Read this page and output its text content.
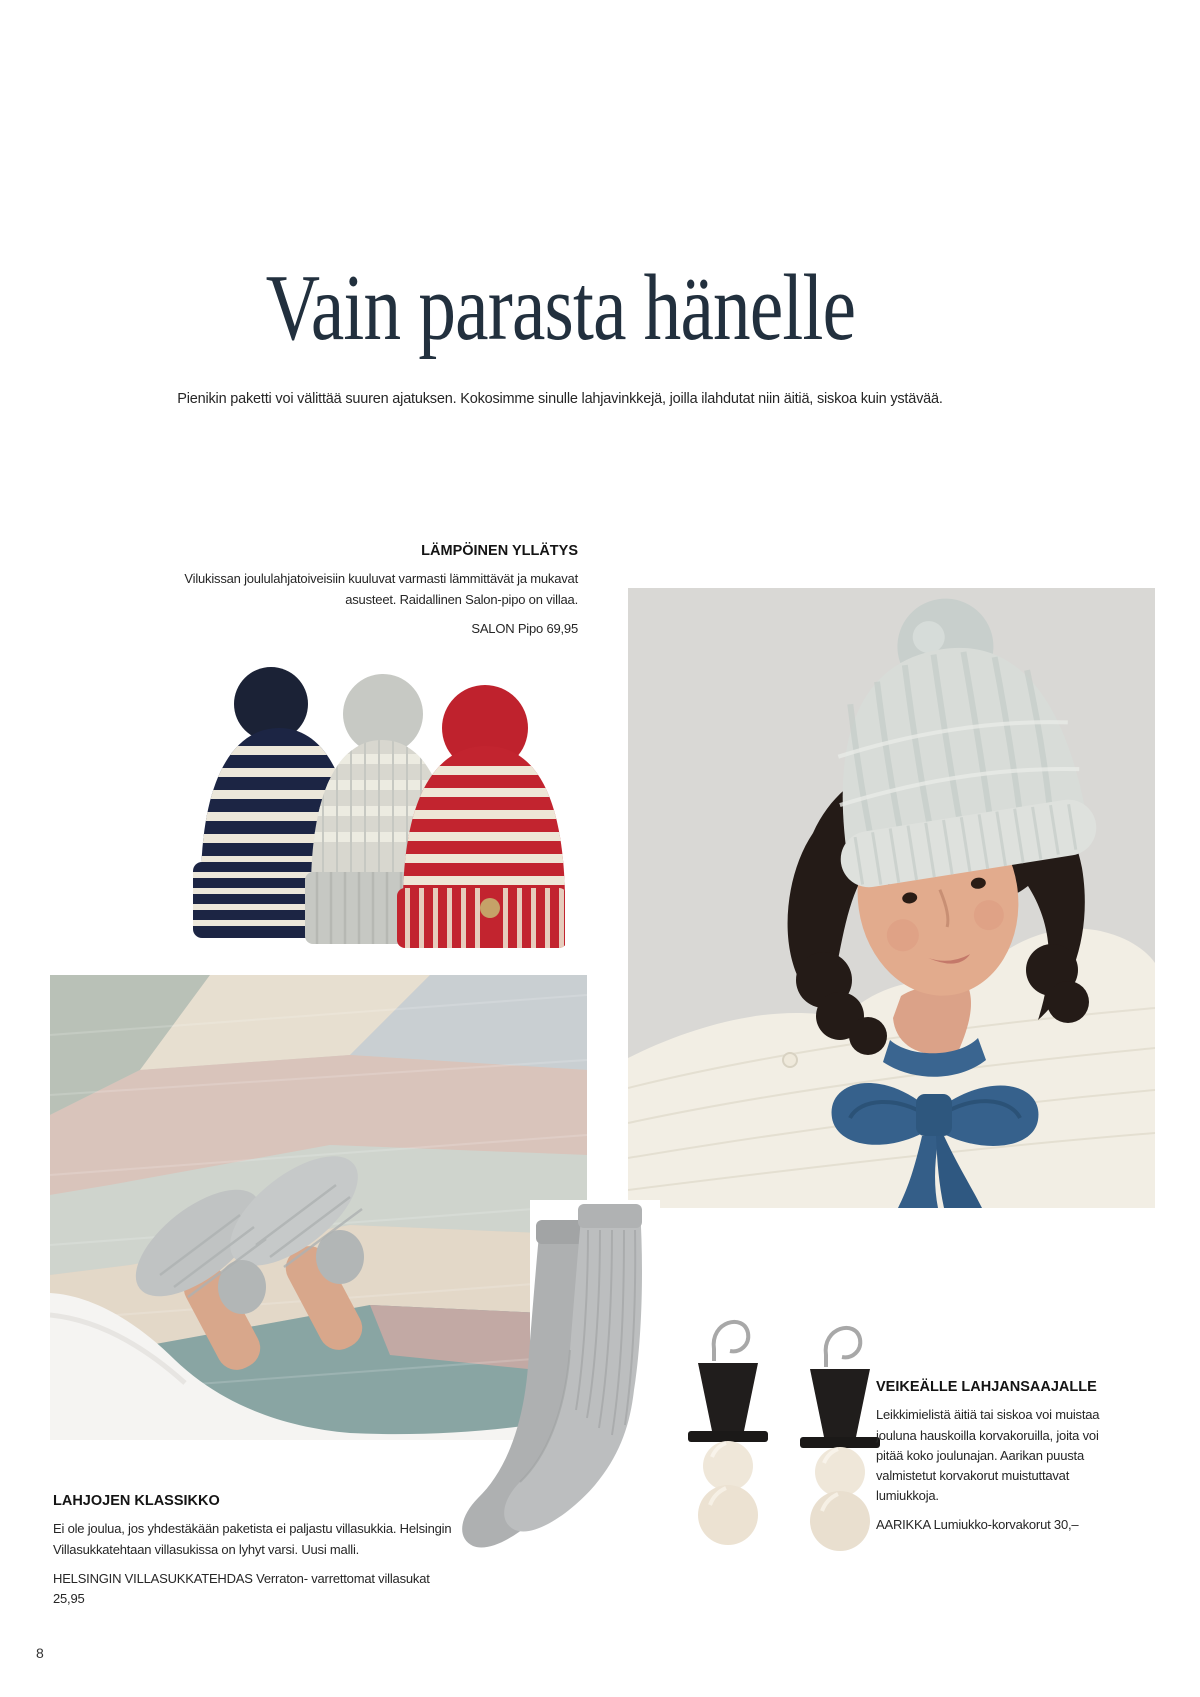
Vain parasta hänelle

Pienikin paketti voi välittää suuren ajatuksen. Kokosimme sinulle lahjavinkkejä, joilla ilahdutat niin äitiä, siskoa kuin ystävää.

LÄMPÖINEN YLLÄTYS

Vilukissan joululahjatoiveisiin kuuluvat varmasti lämmittävät ja mukavat asusteet. Raidallinen Salon-pipo on villaa.

SALON Pipo 69,95

VEIKEÄLLE LAHJANSAAJALLE

Leikkimielistä äitiä tai siskoa voi muistaa jouluna hauskoilla korvakoruilla, joita voi pitää koko joulunajan. Aarikan puusta valmistetut korvakorut muistuttavat lumiukkoja.

AARIKKA Lumiukko-korvakorut 30,–

LAHJOJEN KLASSIKKO

Ei ole joulua, jos yhdestäkään paketista ei paljastu villasukkia. Helsingin Villasukkatehtaan villasukissa on lyhyt varsi. Uusi malli.

HELSINGIN VILLASUKKATEHDAS Verraton- varrettomat villasukat

25,95

8
